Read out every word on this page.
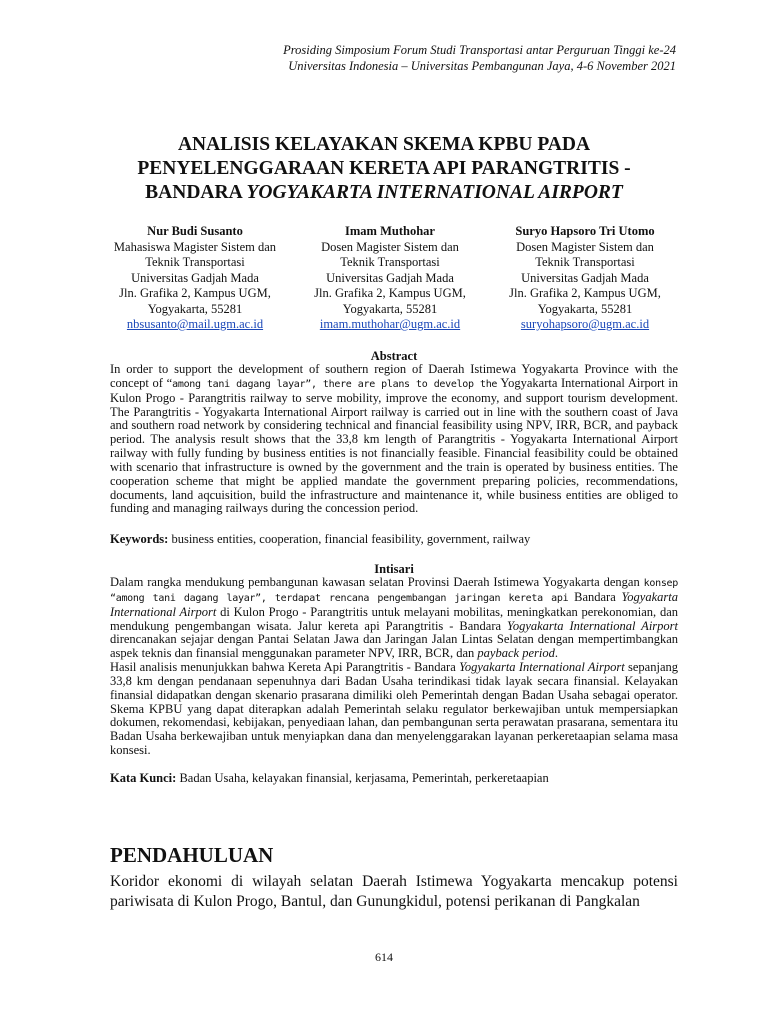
Prosiding Simposium Forum Studi Transportasi antar Perguruan Tinggi ke-24
Universitas Indonesia – Universitas Pembangunan Jaya, 4-6 November 2021
ANALISIS KELAYAKAN SKEMA KPBU PADA
PENYELENGGARAAN KERETA API PARANGTRITIS -
BANDARA YOGYAKARTA INTERNATIONAL AIRPORT
Nur Budi Susanto
Mahasiswa Magister Sistem dan
Teknik Transportasi
Universitas Gadjah Mada
Jln. Grafika 2, Kampus UGM,
Yogyakarta, 55281
nbsusanto@mail.ugm.ac.id
Imam Muthohar
Dosen Magister Sistem dan
Teknik Transportasi
Universitas Gadjah Mada
Jln. Grafika 2, Kampus UGM,
Yogyakarta, 55281
imam.muthohar@ugm.ac.id
Suryo Hapsoro Tri Utomo
Dosen Magister Sistem dan
Teknik Transportasi
Universitas Gadjah Mada
Jln. Grafika 2, Kampus UGM,
Yogyakarta, 55281
suryohapsoro@ugm.ac.id
Abstract

In order to support the development of southern region of Daerah Istimewa Yogyakarta Province with the concept of “among tani dagang layar”, there are plans to develop the Yogyakarta International Airport in Kulon Progo - Parangtritis railway to serve mobility, improve the economy, and support tourism development. The Parangtritis - Yogyakarta International Airport railway is carried out in line with the southern coast of Java and southern road network by considering technical and financial feasibility using NPV, IRR, BCR, and payback period. The analysis result shows that the 33,8 km length of Parangtritis - Yogyakarta International Airport railway with fully funding by business entities is not financially feasible. Financial feasibility could be obtained with scenario that infrastructure is owned by the government and the train is operated by business entities. The cooperation scheme that might be applied mandate the government preparing policies, recommendations, documents, land aqcuisition, build the infrastructure and maintenance it, while business entities are obliged to funding and managing railways during the concession period.

Keywords: business entities, cooperation, financial feasibility, government, railway
Intisari

Dalam rangka mendukung pembangunan kawasan selatan Provinsi Daerah Istimewa Yogyakarta dengan konsep “among tani dagang layar”, terdapat rencana pengembangan jaringan kereta api Bandara Yogyakarta International Airport di Kulon Progo - Parangtritis untuk melayani mobilitas, meningkatkan perekonomian, dan mendukung pengembangan wisata. Jalur kereta api Parangtritis - Bandara Yogyakarta International Airport direncanakan sejajar dengan Pantai Selatan Jawa dan Jaringan Jalan Lintas Selatan dengan mempertimbangkan aspek teknis dan finansial menggunakan parameter NPV, IRR, BCR, dan payback period.
Hasil analisis menunjukkan bahwa Kereta Api Parangtritis - Bandara Yogyakarta International Airport sepanjang 33,8 km dengan pendanaan sepenuhnya dari Badan Usaha terindikasi tidak layak secara finansial. Kelayakan finansial didapatkan dengan skenario prasarana dimiliki oleh Pemerintah dengan Badan Usaha sebagai operator. Skema KPBU yang dapat diterapkan adalah Pemerintah selaku regulator berkewajiban untuk mempersiapkan dokumen, rekomendasi, kebijakan, penyediaan lahan, dan pembangunan serta perawatan prasarana, sementara itu Badan Usaha berkewajiban untuk menyiapkan dana dan menyelenggarakan layanan perkeretaapian selama masa konsesi.

Kata Kunci: Badan Usaha, kelayakan finansial, kerjasama, Pemerintah, perkeretaapian
PENDAHULUAN

Koridor ekonomi di wilayah selatan Daerah Istimewa Yogyakarta mencakup potensi pariwisata di Kulon Progo, Bantul, dan Gunungkidul, potensi perikanan di Pangkalan

614
